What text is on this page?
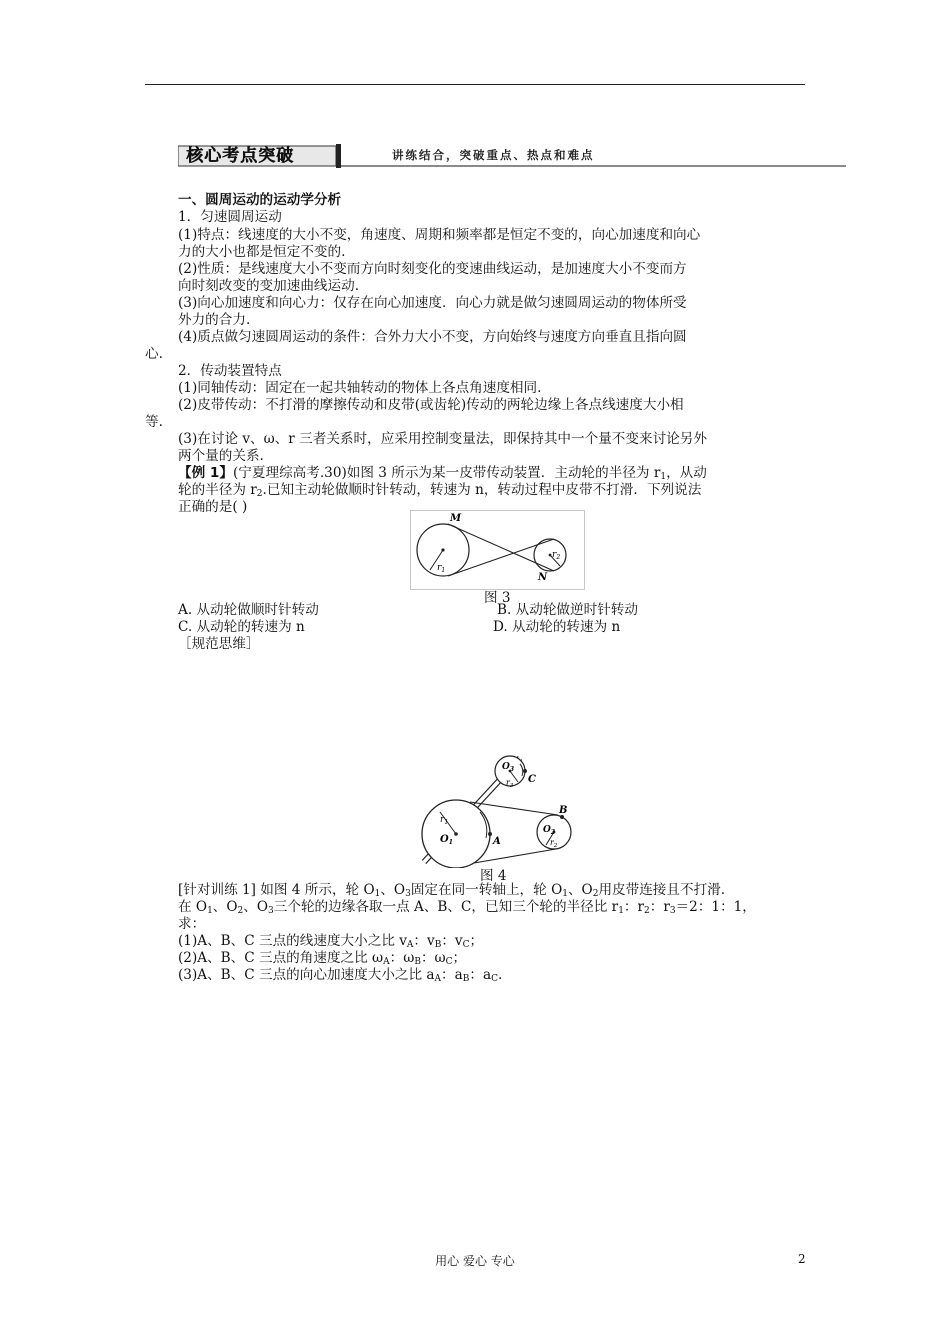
核心考点突破	讲练结合，突破重点、热点和难点
一、圆周运动的运动学分析
1．匀速圆周运动
(1)特点：线速度的大小不变，角速度、周期和频率都是恒定不变的，向心加速度和向心
力的大小也都是恒定不变的.
(2)性质：是线速度大小不变而方向时刻变化的变速曲线运动，是加速度大小不变而方
向时刻改变的变加速曲线运动.
(3)向心加速度和向心力：仅存在向心加速度．向心力就是做匀速圆周运动的物体所受
外力的合力.
(4)质点做匀速圆周运动的条件：合外力大小不变，方向始终与速度方向垂直且指向圆
心.
2．传动装置特点
(1)同轴传动：固定在一起共轴转动的物体上各点角速度相同.
(2)皮带传动：不打滑的摩擦传动和皮带(或齿轮)传动的两轮边缘上各点线速度大小相
等.
(3)在讨论 v、ω、r 三者关系时，应采用控制变量法，即保持其中一个量不变来讨论另外
两个量的关系.
【例 1】(宁夏理综高考.30)如图 3 所示为某一皮带传动装置．主动轮的半径为 $r_1$，从动
轮的半径为 $r_2$.已知主动轮做顺时针转动，转速为 n，转动过程中皮带不打滑．下列说法
正确的是( )
M
N
$r_1$
$r_2$
图 3
A. 从动轮做顺时针转动	B. 从动轮做逆时针转动
C. 从动轮的转速为 n	D. 从动轮的转速为 n
［规范思维］
$O_1$
$r_1$
A
$O_3$
$r_3$
C
B
$O_2$
$r_2$
图 4
[针对训练 1] 如图 4 所示，轮 $O_1$、$O_3$固定在同一转轴上，轮 $O_1$、$O_2$用皮带连接且不打滑.
在 $O_1$、$O_2$、$O_3$三个轮的边缘各取一点 A、B、C，已知三个轮的半径比 $r_1$：$r_2$：$r_3=2$：1：1，
求：
(1)A、B、C 三点的线速度大小之比 $v_A$：$v_B$：$v_C$；
(2)A、B、C 三点的角速度之比 $\omega_A$：$\omega_B$：$\omega_C$；
(3)A、B、C 三点的向心加速度大小之比 $a_A$：$a_B$：$a_C$.
用心 爱心 专心	2
